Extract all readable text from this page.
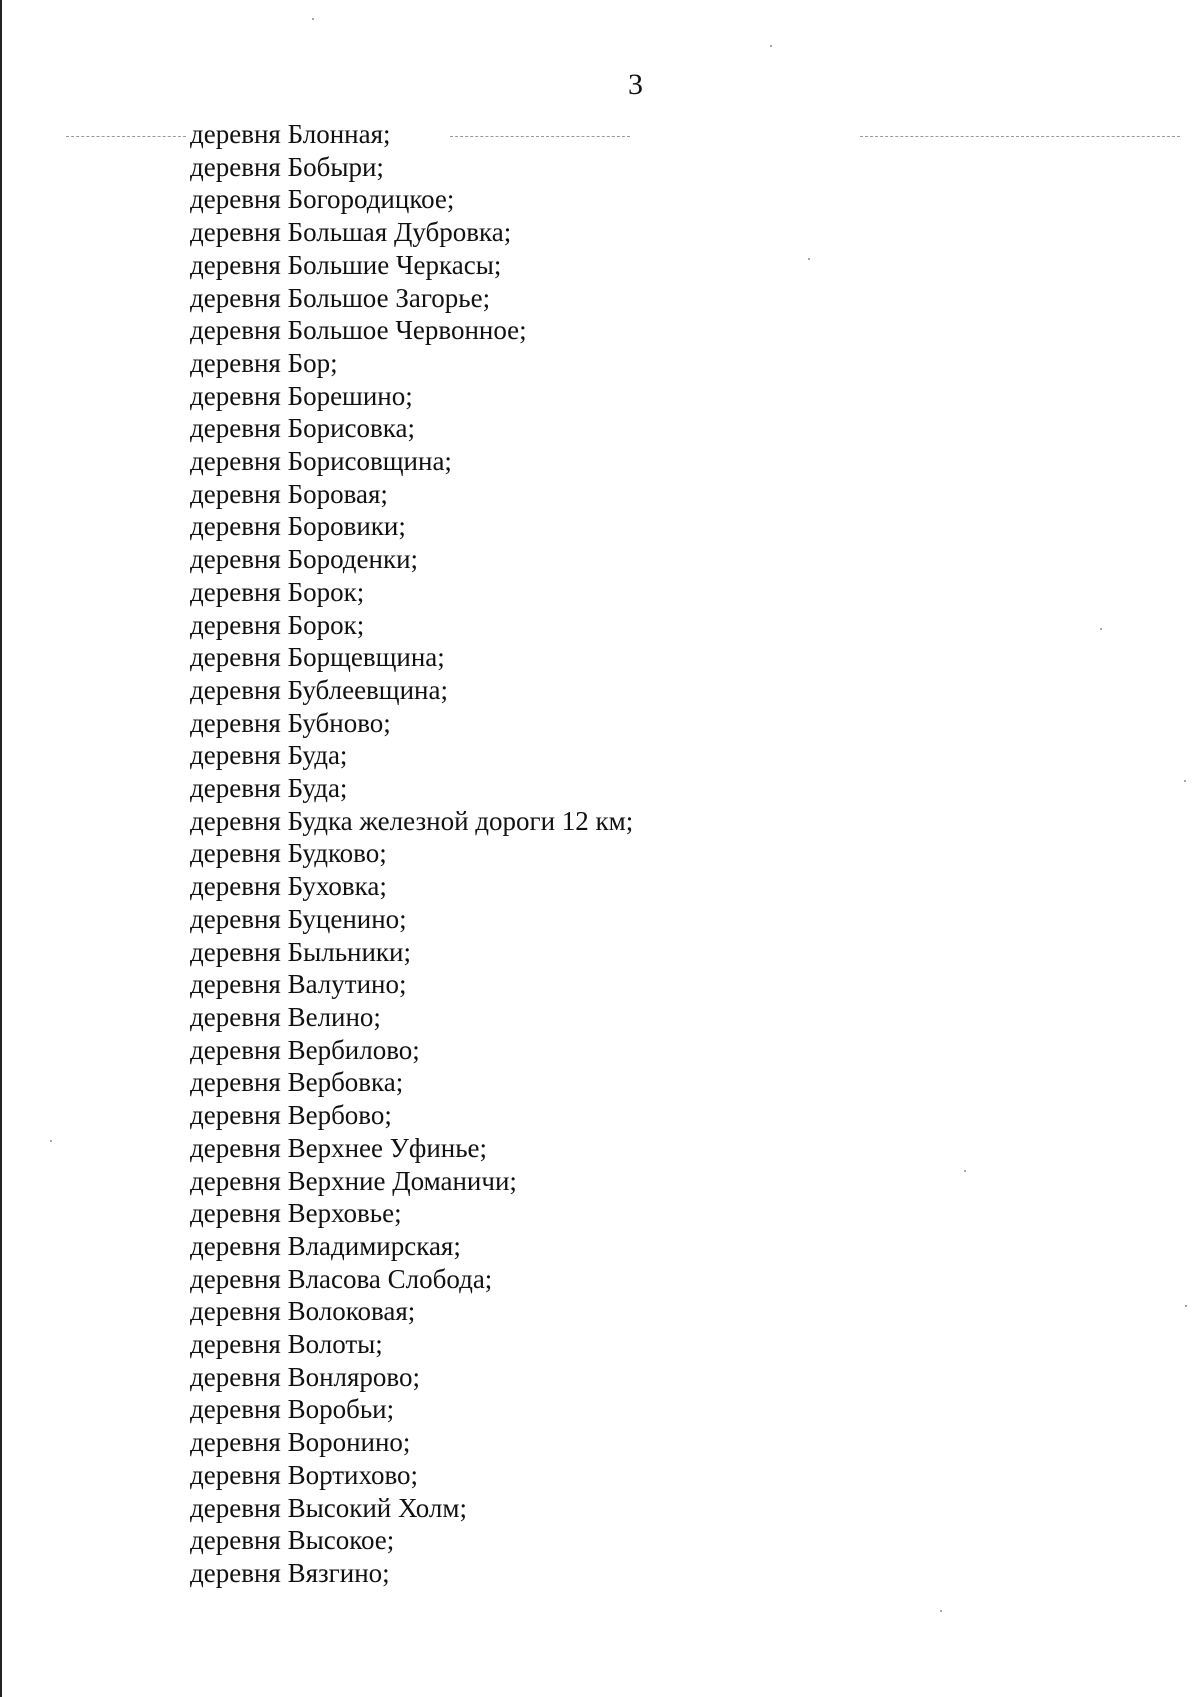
3
деревня Блонная;
деревня Бобыри;
деревня Богородицкое;
деревня Большая Дубровка;
деревня Большие Черкасы;
деревня Большое Загорье;
деревня Большое Червонное;
деревня Бор;
деревня Борешино;
деревня Борисовка;
деревня Борисовщина;
деревня Боровая;
деревня Боровики;
деревня Бороденки;
деревня Борок;
деревня Борок;
деревня Борщевщина;
деревня Бублеевщина;
деревня Бубново;
деревня Буда;
деревня Буда;
деревня Будка железной дороги 12 км;
деревня Будково;
деревня Буховка;
деревня Буценино;
деревня Быльники;
деревня Валутино;
деревня Велино;
деревня Вербилово;
деревня Вербовка;
деревня Вербово;
деревня Верхнее Уфинье;
деревня Верхние Доманичи;
деревня Верховье;
деревня Владимирская;
деревня Власова Слобода;
деревня Волоковая;
деревня Волоты;
деревня Вонлярово;
деревня Воробьи;
деревня Воронино;
деревня Вортихово;
деревня Высокий Холм;
деревня Высокое;
деревня Вязгино;
